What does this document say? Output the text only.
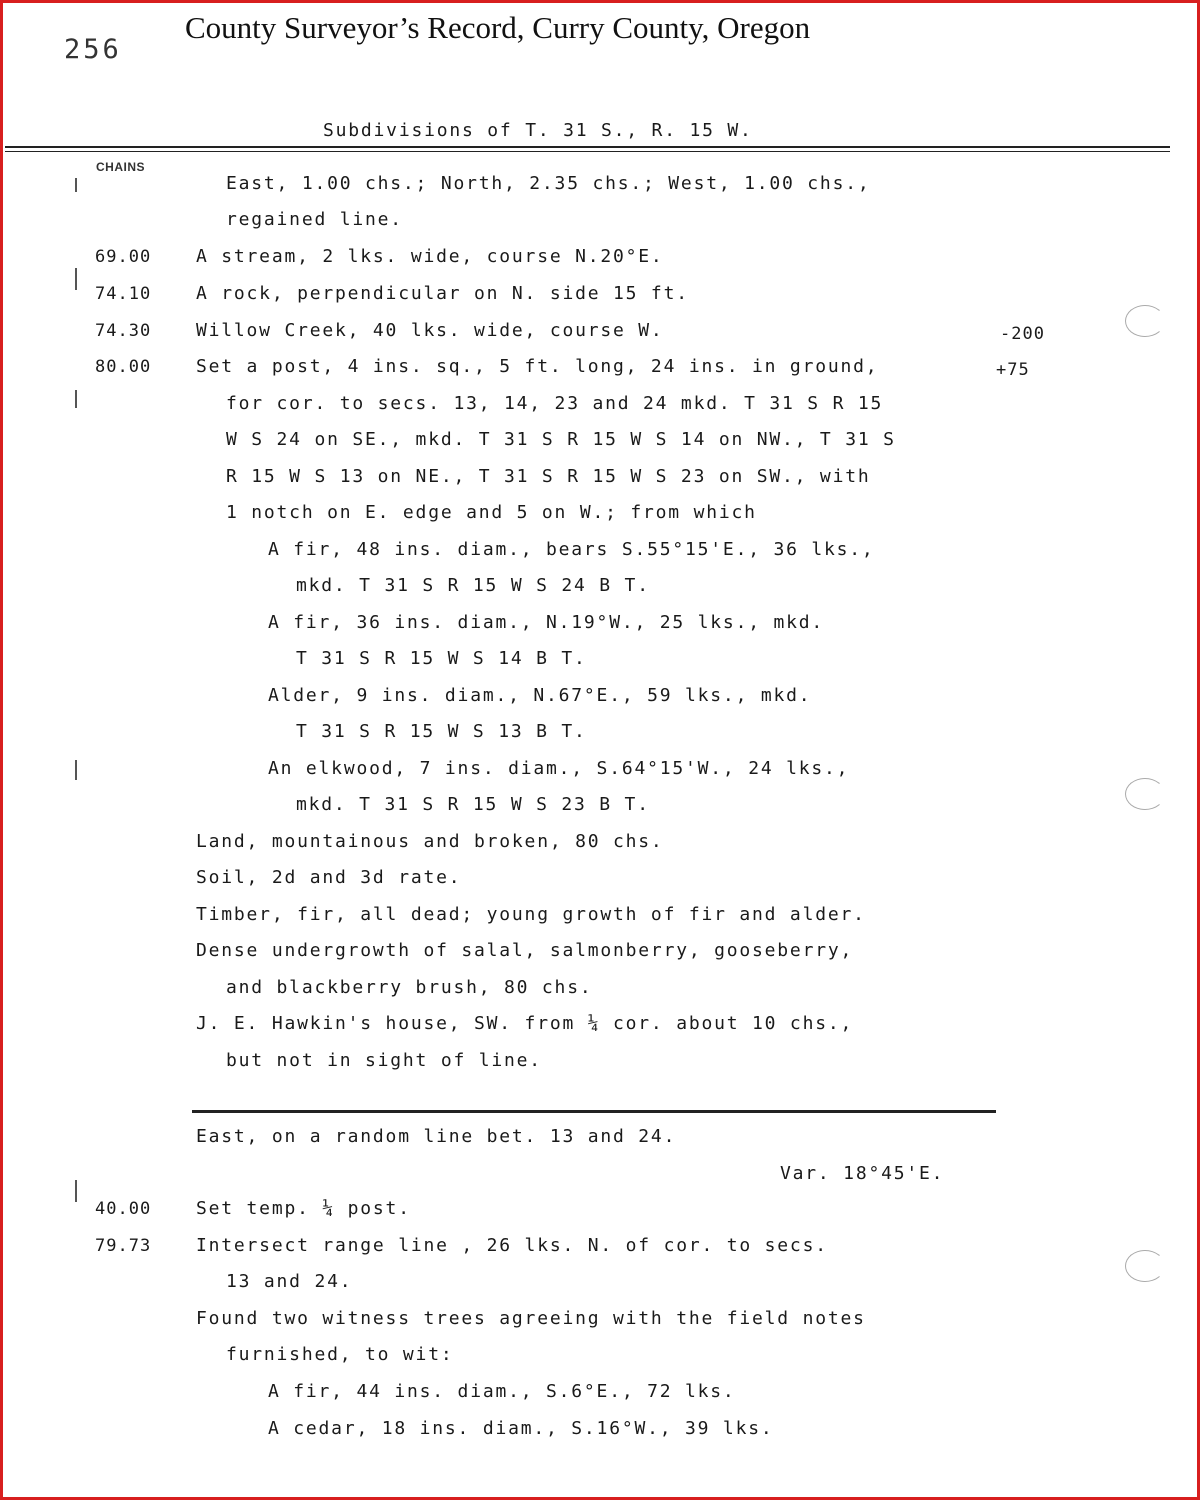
256
County Surveyor’s Record, Curry County, Oregon
Subdivisions of T. 31 S., R. 15 W.
CHAINS
East, 1.00 chs.; North, 2.35 chs.; West, 1.00 chs.,
regained line.
69.00 A stream, 2 lks. wide, course N.20°E.
74.10 A rock, perpendicular on N. side 15 ft.
74.30 Willow Creek, 40 lks. wide, course W.
80.00 Set a post, 4 ins. sq., 5 ft. long, 24 ins. in ground,
for cor. to secs. 13, 14, 23 and 24 mkd. T 31 S R 15
W S 24 on SE., mkd. T 31 S R 15 W S 14 on NW., T 31 S
R 15 W S 13 on NE., T 31 S R 15 W S 23 on SW., with
1 notch on E. edge and 5 on W.; from which
A fir, 48 ins. diam., bears S.55°15'E., 36 lks.,
mkd. T 31 S R 15 W S 24 B T.
A fir, 36 ins. diam., N.19°W., 25 lks., mkd.
T 31 S R 15 W S 14 B T.
Alder, 9 ins. diam., N.67°E., 59 lks., mkd.
T 31 S R 15 W S 13 B T.
An elkwood, 7 ins. diam., S.64°15'W., 24 lks.,
mkd. T 31 S R 15 W S 23 B T.
Land, mountainous and broken, 80 chs.
Soil, 2d and 3d rate.
Timber, fir, all dead; young growth of fir and alder.
Dense undergrowth of salal, salmonberry, gooseberry,
and blackberry brush, 80 chs.
J. E. Hawkin's house, SW. from ¼ cor. about 10 chs.,
but not in sight of line.
East, on a random line bet. 13 and 24.
Var. 18°45'E.
40.00 Set temp. ¼ post.
79.73 Intersect range line , 26 lks. N. of cor. to secs.
13 and 24.
Found two witness trees agreeing with the field notes
furnished, to wit:
A fir, 44 ins. diam., S.6°E., 72 lks.
A cedar, 18 ins. diam., S.16°W., 39 lks.
-200
+75
